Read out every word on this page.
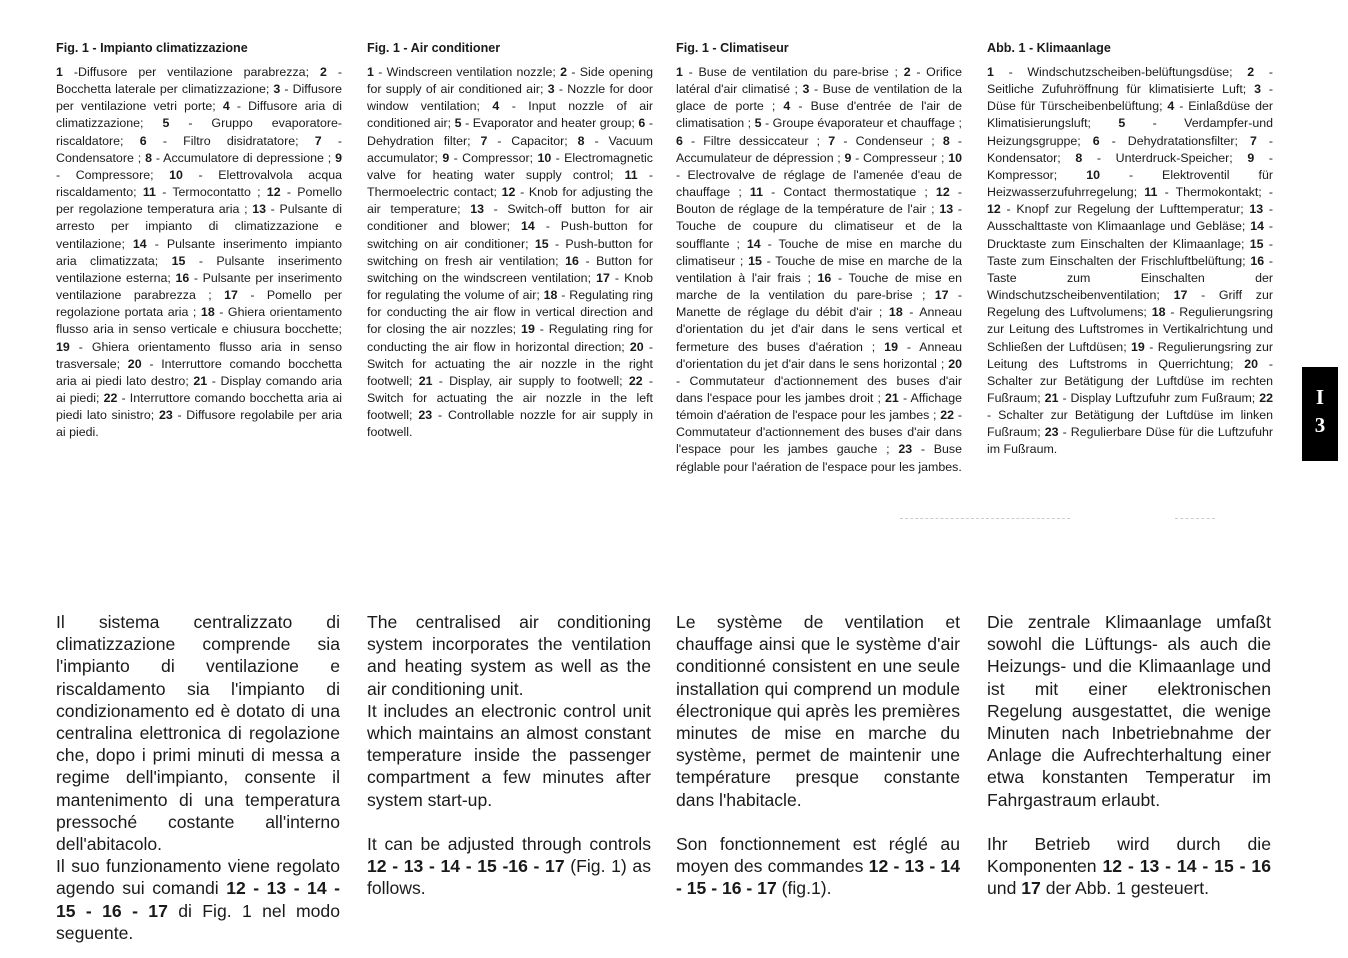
Fig. 1 - Impianto climatizzazione

1 -Diffusore per ventilazione parabrezza; 2 - Bocchetta laterale per climatizzazione; 3 - Diffusore per ventilazione vetri porte; 4 - Diffusore aria di climatizzazione; 5 - Gruppo evaporatore-riscaldatore; 6 - Filtro disidratatore; 7 - Condensatore ; 8 - Accumulatore di depressione ; 9 - Compressore; 10 - Elettrovalvola acqua riscaldamento; 11 - Termocontatto ; 12 - Pomello per regolazione temperatura aria ; 13 - Pulsante di arresto per impianto di climatizzazione e ventilazione; 14 - Pulsante inserimento impianto aria climatizzata; 15 - Pulsante inserimento ventilazione esterna; 16 - Pulsante per inserimento ventilazione parabrezza ; 17 - Pomello per regolazione portata aria ; 18 - Ghiera orientamento flusso aria in senso verticale e chiusura bocchette; 19 - Ghiera orientamento flusso aria in senso trasversale; 20 - Interruttore comando bocchetta aria ai piedi lato destro; 21 - Display comando aria ai piedi; 22 - Interruttore comando bocchetta aria ai piedi lato sinistro; 23 - Diffusore regolabile per aria ai piedi.

Fig. 1 - Air conditioner

1 - Windscreen ventilation nozzle; 2 - Side opening for supply of air conditioned air; 3 - Nozzle for door window ventilation; 4 - Input nozzle of air conditioned air; 5 - Evaporator and heater group; 6 - Dehydration filter; 7 - Capacitor; 8 - Vacuum accumulator; 9 - Compressor; 10 - Electromagnetic valve for heating water supply control; 11 - Thermoelectric contact; 12 - Knob for adjusting the air temperature; 13 - Switch-off button for air conditioner and blower; 14 - Push-button for switching on air conditioner; 15 - Push-button for switching on fresh air ventilation; 16 - Button for switching on the windscreen ventilation; 17 - Knob for regulating the volume of air; 18 - Regulating ring for conducting the air flow in vertical direction and for closing the air nozzles; 19 - Regulating ring for conducting the air flow in horizontal direction; 20 - Switch for actuating the air nozzle in the right footwell; 21 - Display, air supply to footwell; 22 - Switch for actuating the air nozzle in the left footwell; 23 - Controllable nozzle for air supply in footwell.

Fig. 1 - Climatiseur

1 - Buse de ventilation du pare-brise ; 2 - Orifice latéral d'air climatisé ; 3 - Buse de ventilation de la glace de porte ; 4 - Buse d'entrée de l'air de climatisation ; 5 - Groupe évaporateur et chauffage ; 6 - Filtre dessiccateur ; 7 - Condenseur ; 8 - Accumulateur de dépression ; 9 - Compresseur ; 10 - Electrovalve de réglage de l'amenée d'eau de chauffage ; 11 - Contact thermostatique ; 12 - Bouton de réglage de la température de l'air ; 13 - Touche de coupure du climatiseur et de la soufflante ; 14 - Touche de mise en marche du climatiseur ; 15 - Touche de mise en marche de la ventilation à l'air frais ; 16 - Touche de mise en marche de la ventilation du pare-brise ; 17 - Manette de réglage du débit d'air ; 18 - Anneau d'orientation du jet d'air dans le sens vertical et fermeture des buses d'aération ; 19 - Anneau d'orientation du jet d'air dans le sens horizontal ; 20 - Commutateur d'actionnement des buses d'air dans l'espace pour les jambes droit ; 21 - Affichage témoin d'aération de l'espace pour les jambes ; 22 - Commutateur d'actionnement des buses d'air dans l'espace pour les jambes gauche ; 23 - Buse réglable pour l'aération de l'espace pour les jambes.

Abb. 1 - Klimaanlage

1 - Windschutzscheiben-belüftungsdüse; 2 - Seitliche Zufuhröffnung für klimatisierte Luft; 3 - Düse für Türscheibenbelüftung; 4 - Einlaßdüse der Klimatisierungsluft; 5 - Verdampfer-und Heizungsgruppe; 6 - Dehydratationsfilter; 7 - Kondensator; 8 - Unterdruck-Speicher; 9 - Kompressor; 10 - Elektroventil für Heizwasserzufuhrregelung; 11 - Thermokontakt; - 12 - Knopf zur Regelung der Lufttemperatur; 13 - Ausschalttaste von Klimaanlage und Gebläse; 14 - Drucktaste zum Einschalten der Klimaanlage; 15 - Taste zum Einschalten der Frischluftbelüftung; 16 - Taste zum Einschalten der Windschutzscheibenventilation; 17 - Griff zur Regelung des Luftvolumens; 18 - Regulierungsring zur Leitung des Luftstromes in Vertikalrichtung und Schließen der Luftdüsen; 19 - Regulierungsring zur Leitung des Luftstroms in Querrichtung; 20 - Schalter zur Betätigung der Luftdüse im rechten Fußraum; 21 - Display Luftzufuhr zum Fußraum; 22 - Schalter zur Betätigung der Luftdüse im linken Fußraum; 23 - Regulierbare Düse für die Luftzufuhr im Fußraum.

Il sistema centralizzato di climatizzazione comprende sia l'impianto di ventilazione e riscaldamento sia l'impianto di condizionamento ed è dotato di una centralina elettronica di regolazione che, dopo i primi minuti di messa a regime dell'impianto, consente il mantenimento di una temperatura pressoché costante all'interno dell'abitacolo.

Il suo funzionamento viene regolato agendo sui comandi 12 - 13 - 14 - 15 - 16 - 17 di Fig. 1 nel modo seguente.

The centralised air conditioning system incorporates the ventilation and heating system as well as the air conditioning unit.

It includes an electronic control unit which maintains an almost constant temperature inside the passenger compartment a few minutes after system start-up.

It can be adjusted through controls 12 - 13 - 14 - 15 -16 - 17 (Fig. 1) as follows.

Le système de ventilation et chauffage ainsi que le système d'air conditionné consistent en une seule installation qui comprend un module électronique qui après les premières minutes de mise en marche du système, permet de maintenir une température presque constante dans l'habitacle.

Son fonctionnement est réglé au moyen des commandes 12 - 13 - 14 - 15 - 16 - 17 (fig.1).

Die zentrale Klimaanlage umfaßt sowohl die Lüftungs- als auch die Heizungs- und die Klimaanlage und ist mit einer elektronischen Regelung ausgestattet, die wenige Minuten nach Inbetriebnahme der Anlage die Aufrechterhaltung einer etwa konstanten Temperatur im Fahrgastraum erlaubt.

Ihr Betrieb wird durch die Komponenten 12 - 13 - 14 - 15 - 16 und 17 der Abb. 1 gesteuert.

I
3
